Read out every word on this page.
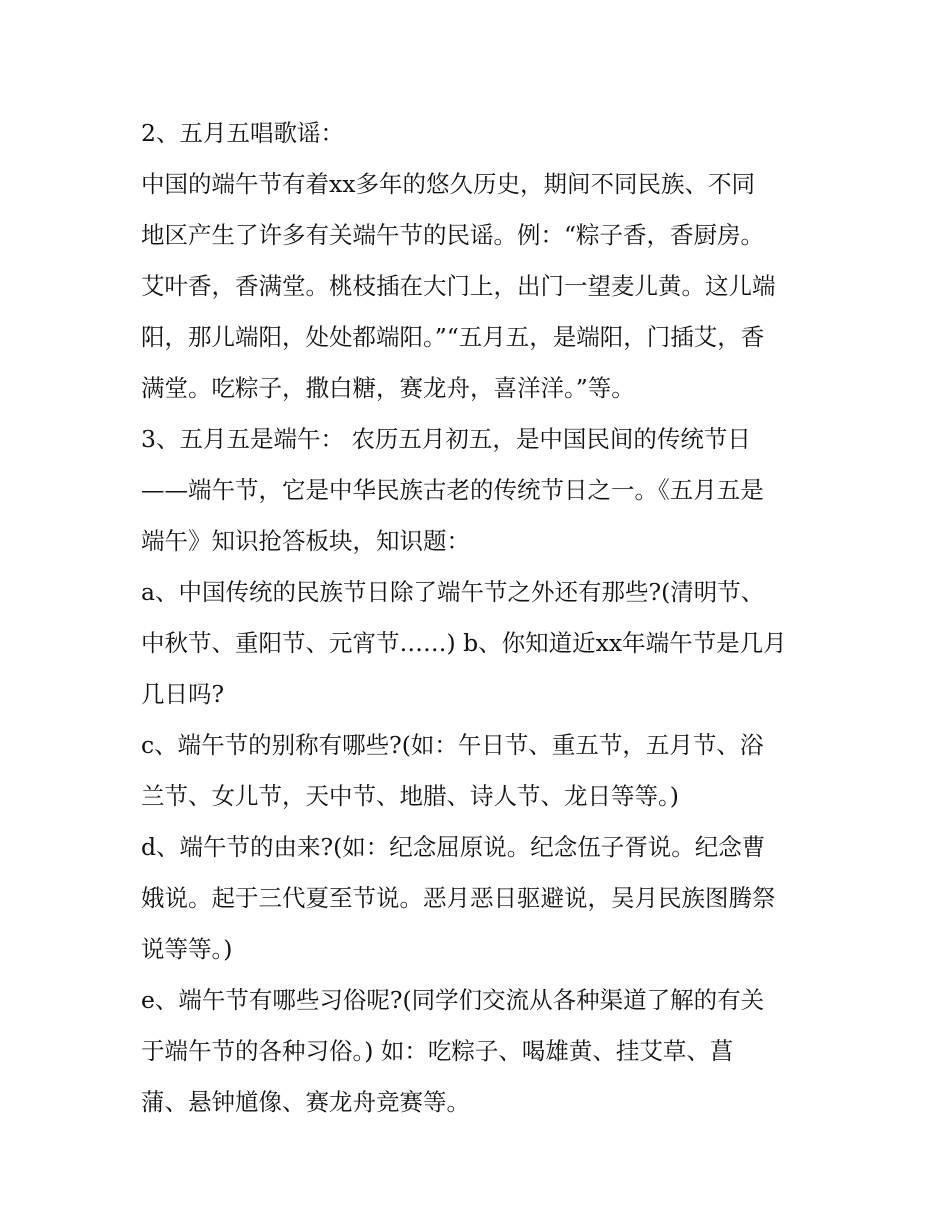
2、五月五唱歌谣：
中国的端午节有着xx多年的悠久历史，期间不同民族、不同
地区产生了许多有关端午节的民谣。例：“粽子香，香厨房。
艾叶香，香满堂。桃枝插在大门上，出门一望麦儿黄。这儿端
阳，那儿端阳，处处都端阳。”“五月五，是端阳，门插艾，香
满堂。吃粽子，撒白糖，赛龙舟，喜洋洋。”等。
3、五月五是端午： 农历五月初五，是中国民间的传统节日
——端午节，它是中华民族古老的传统节日之一。《五月五是
端午》知识抢答板块，知识题：
a、中国传统的民族节日除了端午节之外还有那些?(清明节、
中秋节、重阳节、元宵节……) b、你知道近xx年端午节是几月
几日吗?
c、端午节的别称有哪些?(如：午日节、重五节，五月节、浴
兰节、女儿节，天中节、地腊、诗人节、龙日等等。)
d、端午节的由来?(如：纪念屈原说。纪念伍子胥说。纪念曹
娥说。起于三代夏至节说。恶月恶日驱避说，吴月民族图腾祭
说等等。)
e、端午节有哪些习俗呢?(同学们交流从各种渠道了解的有关
于端午节的各种习俗。) 如：吃粽子、喝雄黄、挂艾草、菖
蒲、悬钟馗像、赛龙舟竞赛等。
